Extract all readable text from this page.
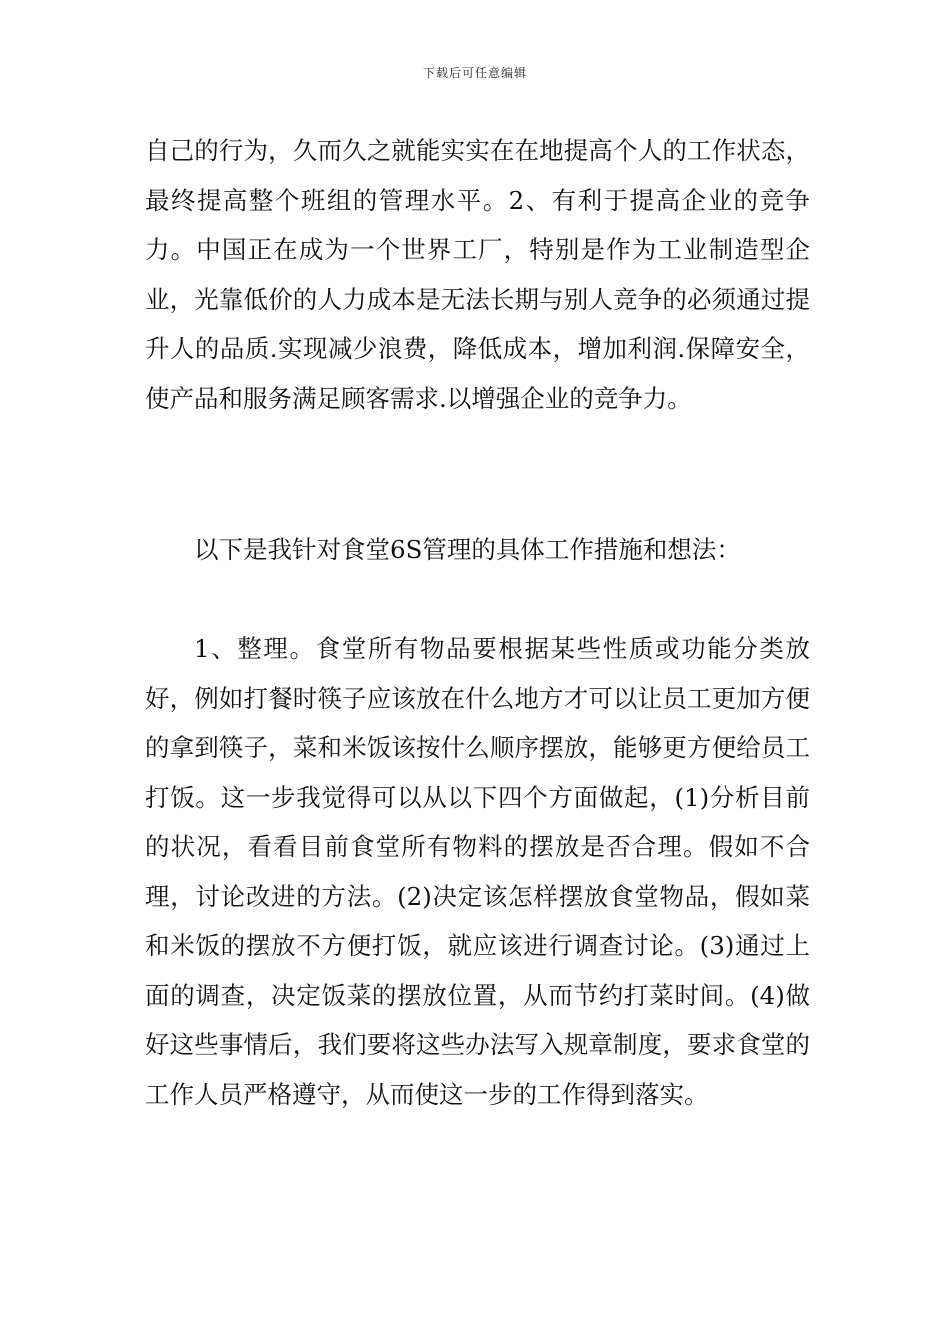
下载后可任意编辑

自己的行为，久而久之就能实实在在地提高个人的工作状态，最终提高整个班组的管理水平。2、有利于提高企业的竞争力。中国正在成为一个世界工厂，特别是作为工业制造型企业，光靠低价的人力成本是无法长期与别人竞争的必须通过提升人的品质.实现减少浪费，降低成本，增加利润.保障安全，使产品和服务满足顾客需求.以增强企业的竞争力。

以下是我针对食堂6S管理的具体工作措施和想法：

1、整理。食堂所有物品要根据某些性质或功能分类放好，例如打餐时筷子应该放在什么地方才可以让员工更加方便的拿到筷子，菜和米饭该按什么顺序摆放，能够更方便给员工打饭。这一步我觉得可以从以下四个方面做起，(1)分析目前的状况，看看目前食堂所有物料的摆放是否合理。假如不合理，讨论改进的方法。(2)决定该怎样摆放食堂物品，假如菜和米饭的摆放不方便打饭，就应该进行调查讨论。(3)通过上面的调查，决定饭菜的摆放位置，从而节约打菜时间。(4)做好这些事情后，我们要将这些办法写入规章制度，要求食堂的工作人员严格遵守，从而使这一步的工作得到落实。
